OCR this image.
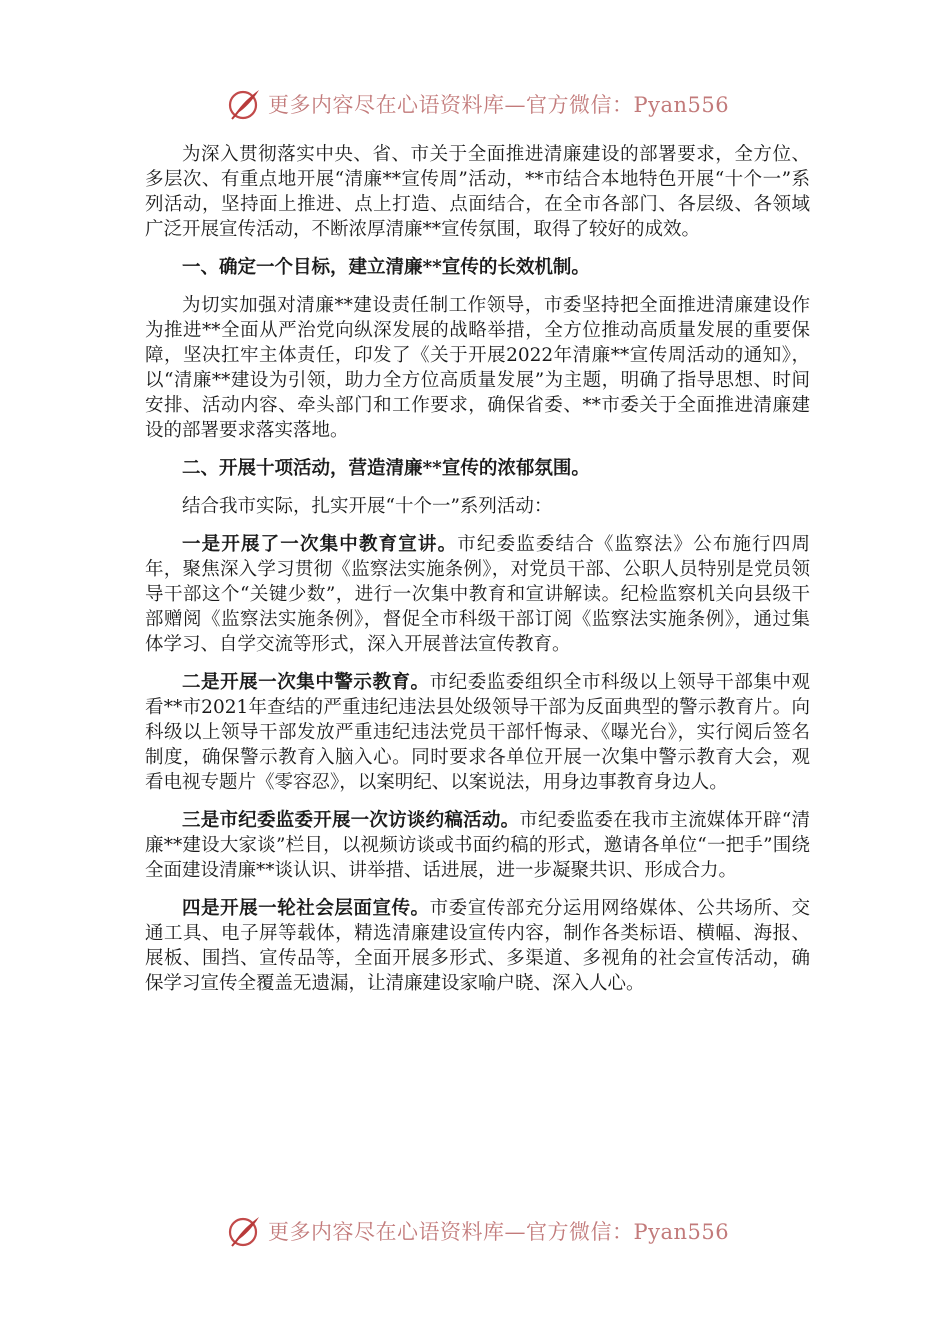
更多内容尽在心语资料库—官方微信：Pyan556

为深入贯彻落实中央、省、市关于全面推进清廉建设的部署要求，全方位、多层次、有重点地开展“清廉**宣传周”活动，**市结合本地特色开展“十个一”系列活动，坚持面上推进、点上打造、点面结合，在全市各部门、各层级、各领域广泛开展宣传活动，不断浓厚清廉**宣传氛围，取得了较好的成效。

一、确定一个目标，建立清廉**宣传的长效机制。

为切实加强对清廉**建设责任制工作领导，市委坚持把全面推进清廉建设作为推进**全面从严治党向纵深发展的战略举措，全方位推动高质量发展的重要保障，坚决扛牢主体责任，印发了《关于开展2022年清廉**宣传周活动的通知》，以“清廉**建设为引领，助力全方位高质量发展”为主题，明确了指导思想、时间安排、活动内容、牵头部门和工作要求，确保省委、**市委关于全面推进清廉建设的部署要求落实落地。

二、开展十项活动，营造清廉**宣传的浓郁氛围。

结合我市实际，扎实开展“十个一”系列活动：

一是开展了一次集中教育宣讲。市纪委监委结合《监察法》公布施行四周年，聚焦深入学习贯彻《监察法实施条例》，对党员干部、公职人员特别是党员领导干部这个“关键少数”，进行一次集中教育和宣讲解读。纪检监察机关向县级干部赠阅《监察法实施条例》，督促全市科级干部订阅《监察法实施条例》，通过集体学习、自学交流等形式，深入开展普法宣传教育。

二是开展一次集中警示教育。市纪委监委组织全市科级以上领导干部集中观看**市2021年查结的严重违纪违法县处级领导干部为反面典型的警示教育片。向科级以上领导干部发放严重违纪违法党员干部忏悔录、《曝光台》，实行阅后签名制度，确保警示教育入脑入心。同时要求各单位开展一次集中警示教育大会，观看电视专题片《零容忍》，以案明纪、以案说法，用身边事教育身边人。

三是市纪委监委开展一次访谈约稿活动。市纪委监委在我市主流媒体开辟“清廉**建设大家谈”栏目，以视频访谈或书面约稿的形式，邀请各单位“一把手”围绕全面建设清廉**谈认识、讲举措、话进展，进一步凝聚共识、形成合力。

四是开展一轮社会层面宣传。市委宣传部充分运用网络媒体、公共场所、交通工具、电子屏等载体，精选清廉建设宣传内容，制作各类标语、横幅、海报、展板、围挡、宣传品等，全面开展多形式、多渠道、多视角的社会宣传活动，确保学习宣传全覆盖无遗漏，让清廉建设家喻户晓、深入人心。

更多内容尽在心语资料库—官方微信：Pyan556
